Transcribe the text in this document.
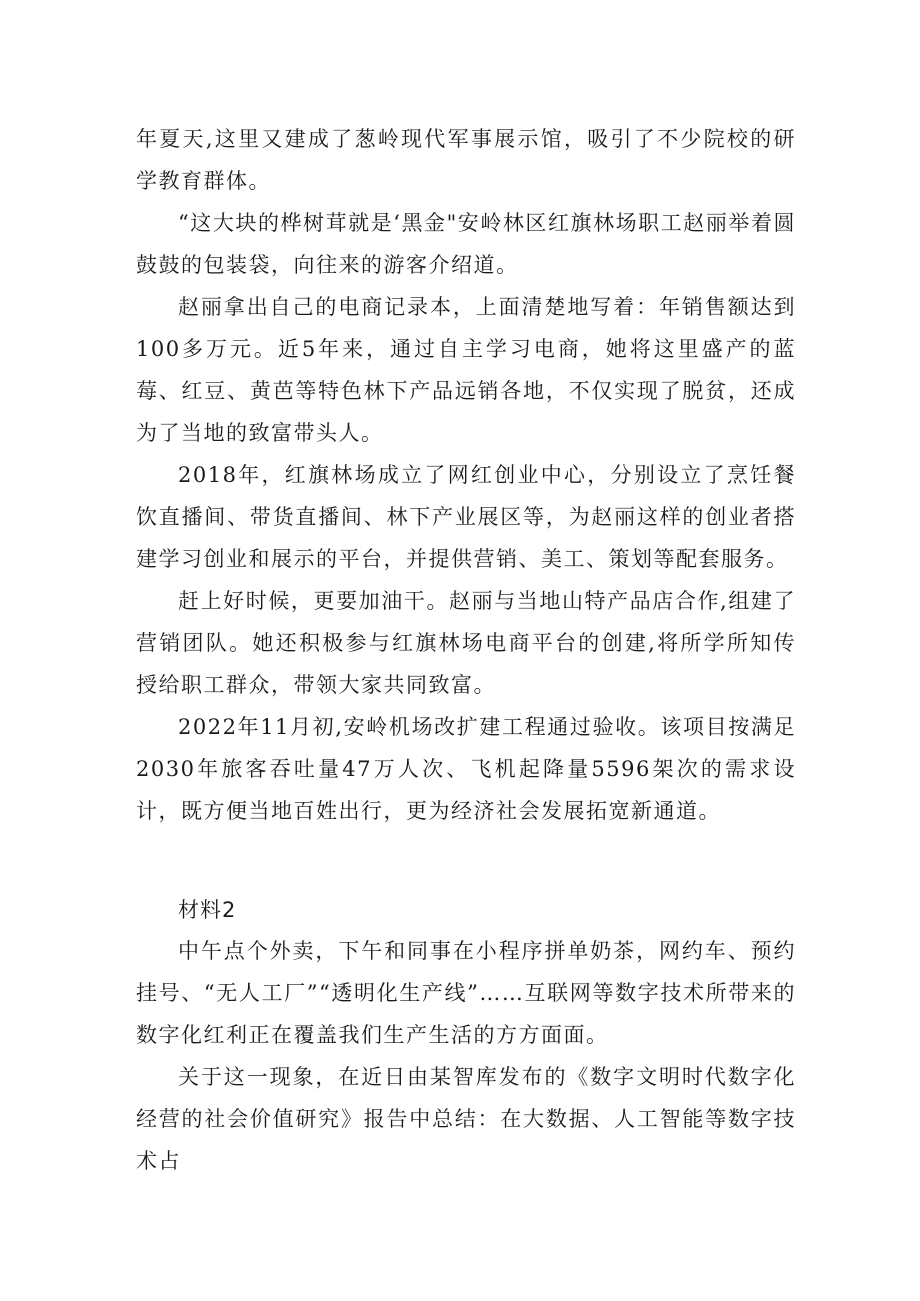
年夏天,这里又建成了葱岭现代军事展示馆，吸引了不少院校的研学教育群体。

“这大块的桦树茸就是‘黑金"安岭林区红旗林场职工赵丽举着圆鼓鼓的包装袋，向往来的游客介绍道。

赵丽拿出自己的电商记录本，上面清楚地写着：年销售额达到100多万元。近5年来，通过自主学习电商，她将这里盛产的蓝莓、红豆、黄芭等特色林下产品远销各地，不仅实现了脱贫，还成为了当地的致富带头人。

2018年，红旗林场成立了网红创业中心，分别设立了烹饪餐饮直播间、带货直播间、林下产业展区等，为赵丽这样的创业者搭建学习创业和展示的平台，并提供营销、美工、策划等配套服务。

赶上好时候，更要加油干。赵丽与当地山特产品店合作,组建了营销团队。她还积极参与红旗林场电商平台的创建,将所学所知传授给职工群众，带领大家共同致富。

2022年11月初,安岭机场改扩建工程通过验收。该项目按满足2030年旅客吞吐量47万人次、飞机起降量5596架次的需求设计，既方便当地百姓出行，更为经济社会发展拓宽新通道。

材料2

中午点个外卖，下午和同事在小程序拼单奶茶，网约车、预约挂号、“无人工厂”“透明化生产线”……互联网等数字技术所带来的数字化红利正在覆盖我们生产生活的方方面面。

关于这一现象，在近日由某智库发布的《数字文明时代数字化经营的社会价值研究》报告中总结：在大数据、人工智能等数字技术占
